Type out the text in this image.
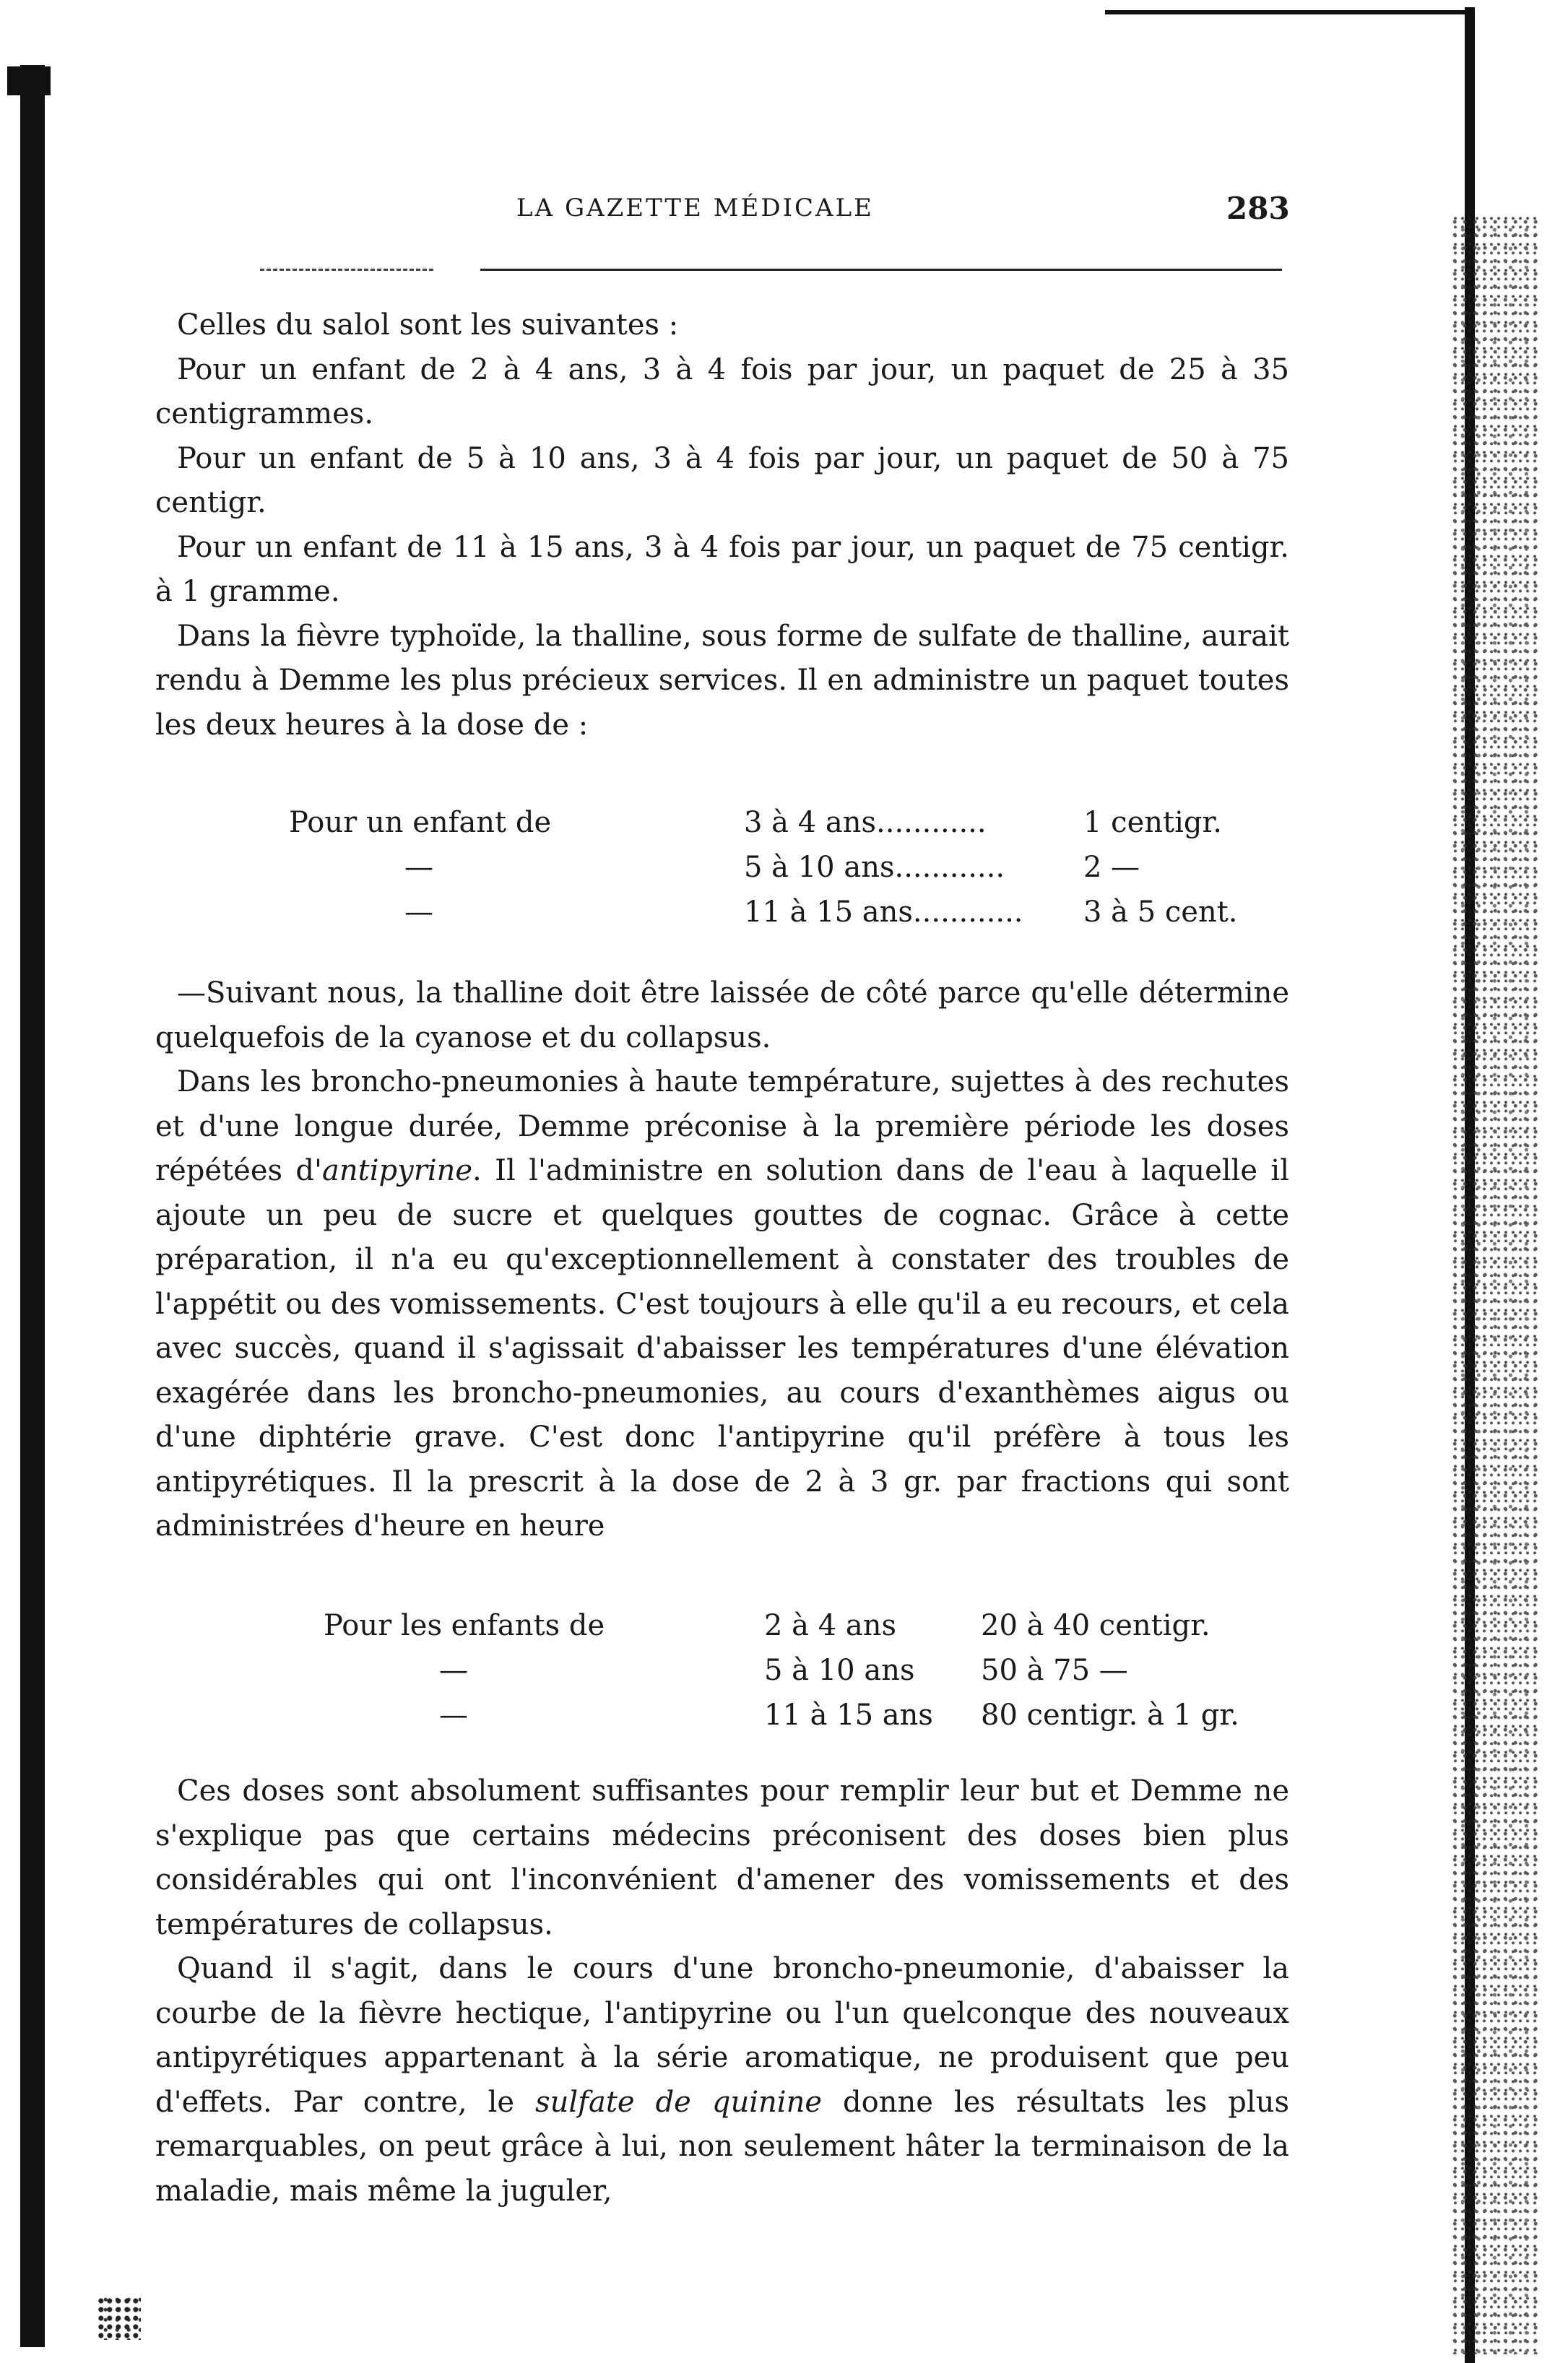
LA GAZETTE MÉDICALE	283

Celles du salol sont les suivantes :

Pour un enfant de 2 à 4 ans, 3 à 4 fois par jour, un paquet de 25 à 35 centigrammes.

Pour un enfant de 5 à 10 ans, 3 à 4 fois par jour, un paquet de 50 à 75 centigr.

Pour un enfant de 11 à 15 ans, 3 à 4 fois par jour, un paquet de 75 centigr. à 1 gramme.

Dans la fièvre typhoïde, la thalline, sous forme de sulfate de thalline, aurait rendu à Demme les plus précieux services. Il en administre un paquet toutes les deux heures à la dose de :

Pour un enfant de	3 à 4 ans............	1 centigr.
—	5 à 10 ans............	2 —
—	11 à 15 ans............	3 à 5 cent.

—Suivant nous, la thalline doit être laissée de côté parce qu'elle détermine quelquefois de la cyanose et du collapsus.

Dans les broncho-pneumonies à haute température, sujettes à des rechutes et d'une longue durée, Demme préconise à la première période les doses répétées d'antipyrine. Il l'administre en solution dans de l'eau à laquelle il ajoute un peu de sucre et quelques gouttes de cognac. Grâce à cette préparation, il n'a eu qu'exceptionnellement à constater des troubles de l'appétit ou des vomissements. C'est toujours à elle qu'il a eu recours, et cela avec succès, quand il s'agissait d'abaisser les températures d'une élévation exagérée dans les broncho-pneumonies, au cours d'exanthèmes aigus ou d'une diphtérie grave. C'est donc l'antipyrine qu'il préfère à tous les antipyrétiques. Il la prescrit à la dose de 2 à 3 gr. par fractions qui sont administrées d'heure en heure

Pour les enfants de	2 à 4 ans	20 à 40 centigr.
—	5 à 10 ans	50 à 75 —
—	11 à 15 ans	80 centigr. à 1 gr.

Ces doses sont absolument suffisantes pour remplir leur but et Demme ne s'explique pas que certains médecins préconisent des doses bien plus considérables qui ont l'inconvénient d'amener des vomissements et des températures de collapsus.

Quand il s'agit, dans le cours d'une broncho-pneumonie, d'abaisser la courbe de la fièvre hectique, l'antipyrine ou l'un quelconque des nouveaux antipyrétiques appartenant à la série aromatique, ne produisent que peu d'effets. Par contre, le sulfate de quinine donne les résultats les plus remarquables, on peut grâce à lui, non seulement hâter la terminaison de la maladie, mais même la juguler,
